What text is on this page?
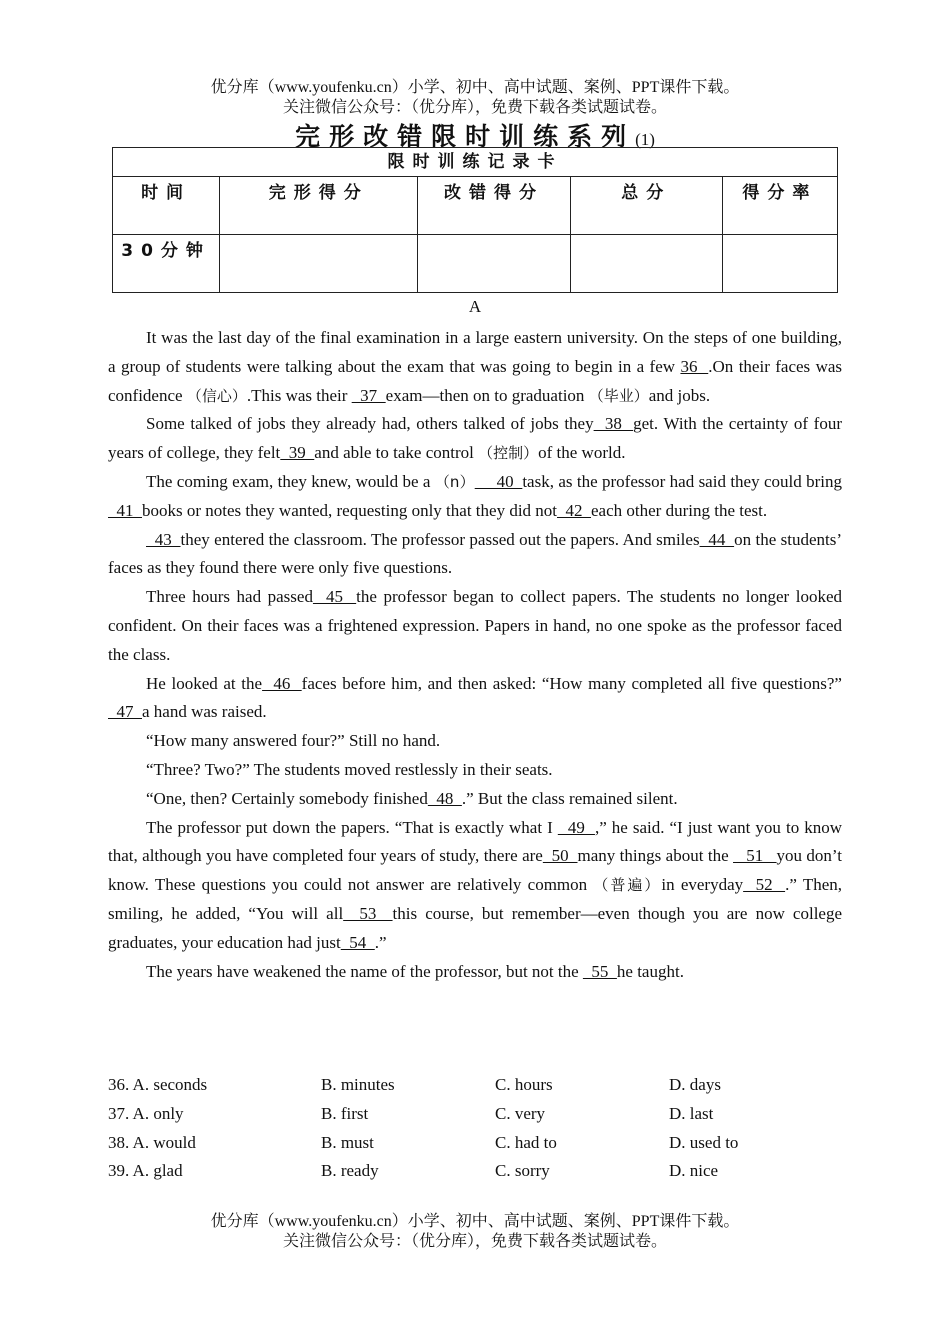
优分库（www.youfenku.cn）小学、初中、高中试题、案例、PPT课件下载。
关注微信公众号：（优分库），免费下载各类试题试卷。
完形改错限时训练系列(1)
限时训练记录卡				
时间	完形得分	改错得分	总分	得分率
30分钟				
A

It was the last day of the final examination in a large eastern university. On the steps of one building, a group of students were talking about the exam that was going to begin in a few 36  .On their faces was confidence （信心）.This was their   37  exam—then on to graduation （毕业）and jobs.

Some talked of jobs they already had, others talked of jobs they  38  get. With the certainty of four years of college, they felt  39  and able to take control （控制）of the world.

The coming exam, they knew, would be a （n）     40  task, as the professor had said they could bring  41  books or notes they wanted, requesting only that they did not  42  each other during the test.

43  they entered the classroom. The professor passed out the papers. And smiles  44  on the students’ faces as they found there were only five questions.

Three hours had passed  45  the professor began to collect papers. The students no longer looked confident. On their faces was a frightened expression. Papers in hand, no one spoke as the professor faced the class.

He looked at the  46  faces before him, and then asked: “How many completed all five questions?”   47  a hand was raised.

“How many answered four?” Still no hand.

“Three? Two?” The students moved restlessly in their seats.

“One, then? Certainly somebody finished  48  .” But the class remained silent.

The professor put down the papers. “That is exactly what I   49  ,” he said. “I just want you to know that, although you have completed four years of study, there are  50  many things about the    51   you don’t know. These questions you could not answer are relatively common （普遍）in everyday  52  .” Then, smiling, he added, “You will all  53  this course, but remember—even though you are now college graduates, your education had just  54  .”

The years have weakened the name of the professor, but not the   55  he taught.

36. A. seconds	B. minutes	C. hours	D. days
37. A. only	B. first	C. very	D. last
38. A. would	B. must	C. had to	D. used to
39. A. glad	B. ready	C. sorry	D. nice
优分库（www.youfenku.cn）小学、初中、高中试题、案例、PPT课件下载。
关注微信公众号：（优分库），免费下载各类试题试卷。
